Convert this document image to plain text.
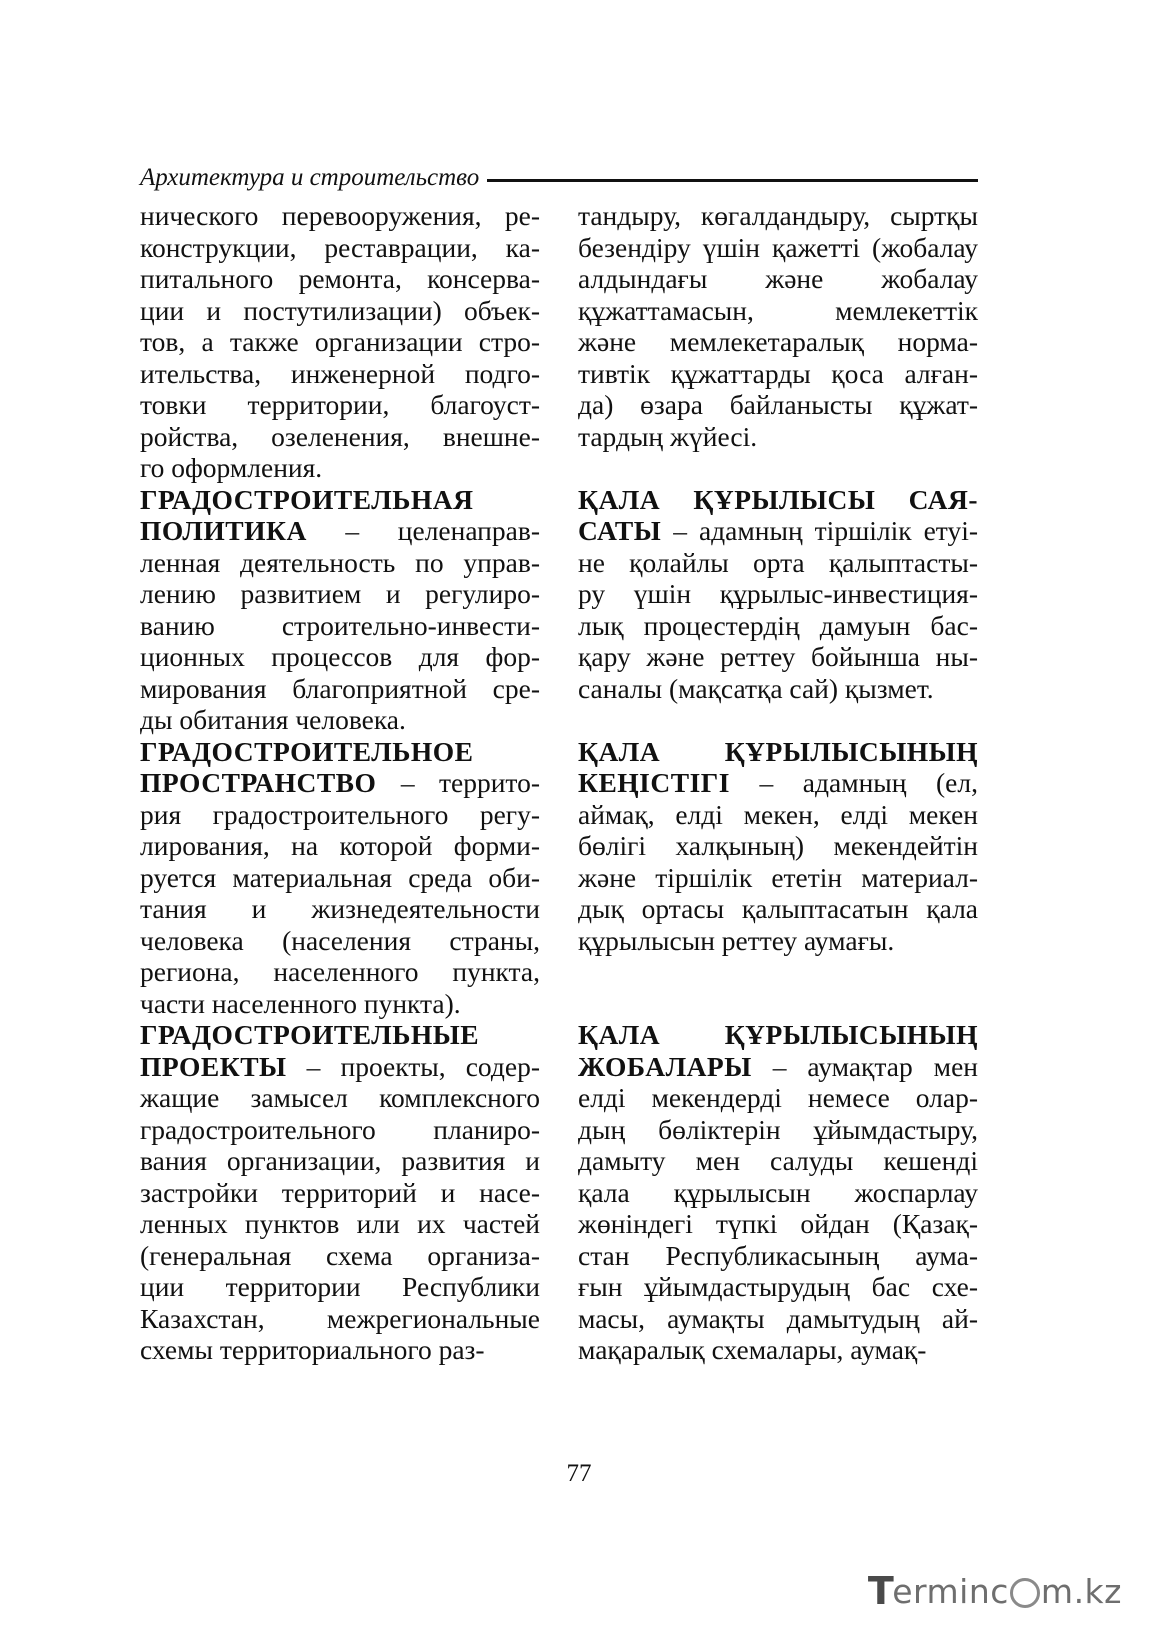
Архитектура и строительство
нического перевооружения, ре-
конструкции, реставрации, ка-
питального ремонта, консерва-
ции и постутилизации) объек-
тов, а также организации стро-
ительства, инженерной подго-
товки территории, благоуст-
ройства, озеленения, внешне-
го оформления.
ГРАДОСТРОИТЕЛЬНАЯ
ПОЛИТИКА – целенаправ-
ленная деятельность по управ-
лению развитием и регулиро-
ванию строительно-инвести-
ционных процессов для фор-
мирования благоприятной сре-
ды обитания человека.
ГРАДОСТРОИТЕЛЬНОЕ
ПРОСТРАНСТВО – террито-
рия градостроительного регу-
лирования, на которой форми-
руется материальная среда оби-
тания и жизнедеятельности
человека (населения страны,
региона, населенного пункта,
части населенного пункта).
ГРАДОСТРОИТЕЛЬНЫЕ
ПРОЕКТЫ – проекты, содер-
жащие замысел комплексного
градостроительного планиро-
вания организации, развития и
застройки территорий и насе-
ленных пунктов или их частей
(генеральная схема организа-
ции территории Республики
Казахстан, межрегиональные
схемы территориального раз-
тандыру, көгалдандыру, сыртқы
безендіру үшін қажетті (жобалау
алдындағы және жобалау
құжаттамасын, мемлекеттік
және мемлекетаралық норма-
тивтік құжаттарды қоса алған-
да) өзара байланысты құжат-
тардың жүйесі.
ҚАЛА ҚҰРЫЛЫСЫ САЯ-
САТЫ – адамның тіршілік етуі-
не қолайлы орта қалыптасты-
ру үшін құрылыс-инвестиция-
лық процестердің дамуын бас-
қару және реттеу бойынша ны-
саналы (мақсатқа сай) қызмет.
ҚАЛА ҚҰРЫЛЫСЫНЫҢ
КЕҢІСТІГІ – адамның (ел,
аймақ, елді мекен, елді мекен
бөлігі халқының) мекендейтін
және тіршілік ететін материал-
дық ортасы қалыптасатын қала
құрылысын реттеу аумағы.
ҚАЛА ҚҰРЫЛЫСЫНЫҢ
ЖОБАЛАРЫ – аумақтар мен
елді мекендерді немесе олар-
дың бөліктерін ұйымдастыру,
дамыту мен салуды кешенді
қала құрылысын жоспарлау
жөніндегі түпкі ойдан (Қазақ-
стан Республикасының аума-
ғын ұйымдастырудың бас схе-
масы, аумақты дамытудың ай-
мақаралық схемалары, аумақ-
77
T
erminc m.kz
